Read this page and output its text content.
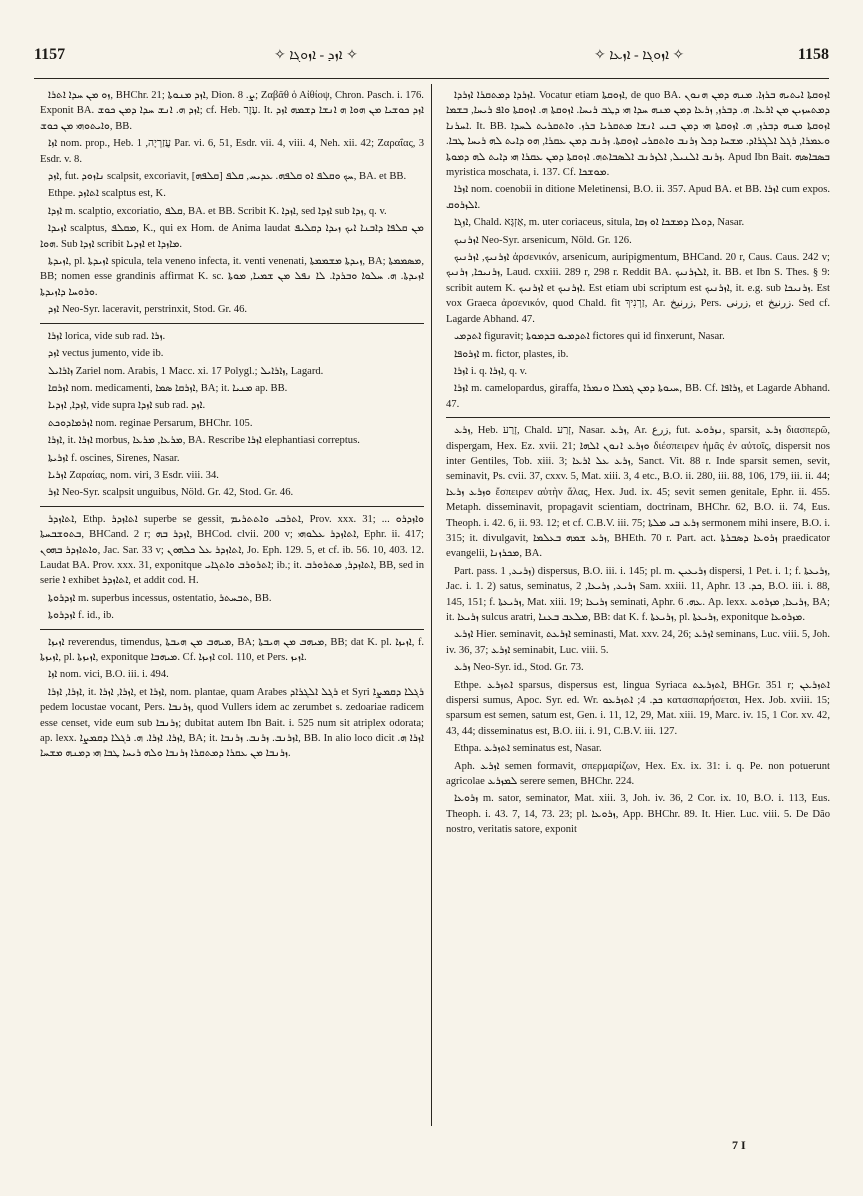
1157	✧ ܐܙܕ - ܐܙܘܓܐ ✧	✧ ܐܙܘܓܐ - ܐܙܥܐ ✧	1158

ܙܘ ܡܢ ܚܕܐ ܐܬܪܐ, BHChr. 21; ܐܙܕ ܡܢܘܬܐ, Dion. ܨ. 8; Ζαβᾶθ ὁ Αἰθίοψ, Chron. Pasch. i. 176. Exponit BA. ܐܙܕ ܗ. ܐܢܫ ܚܕܐ ܕܡܢ ܟܘܫ; cf. Heb. עֶזֶר. It. ܐܙܕ ܟܘܫܝܐ ܡܢ ܗܘܐ ܗ ܐܢܫܐ ܕܫܡܗ ܐܙܕ ܘܐܝܬܘܗܝ ܡܢ ܟܘܫ, BB.

ܐܙܐ nom. prop., Heb. עֲזַרְיָה, 1 Par. vi. 6, 51, Esdr. vii. 4, viii. 4, Neh. xii. 42; Ζαραΐας, 3 Esdr. v. 8.

ܐܙܕ, fut. ܢܐܙܘܕ scalpsit, excoriavit, ܚܟ ܘܩܠܦ ܐܘ ܩܠܦܗ. ܥܕܝܚ, ܩܠܦ [ܩܠܦܗ], BA. et BB.

Ethpe. ܐܬܐܙܕ scalptus est, K.

ܐܙܕܐ m. scalptio, excoriatio, ܩܠܦ, BA. et BB. Scribit K. ܐܙܕܐ, sed ܐܙܕܐ sub ܙܕܐ, q. v.

ܐܙܝܕܐ scalptus, ܡܩܠܦ, K., qui ex Hom. de Anima laudat ܡܢ ܩܠܦܐ ܕܐܒܢܐ ܐܝܟ ܙܝܕܐ ܕܩܠܝܦ ܗܘܐ. Sub ܐܙܕܐ scribit ܐܙܕܝܐ et ܡܐܙܕܐ.

ܐܙܝܕܬܐ, pl. ܐܙܝܕܬܐ spicula, tela veneno infecta, it. venti venenati, ܙܝܕܬܐ ܡܫܡܡܬܐ, BA; ܡܣܡܡܬܐ, BB; nomen esse grandinis affirmat K. sc. ܐܙܝܕܬܐ. ܗ. ܚܠܘܐ ܘܒܪܕܐ. ܠܐ ܢܦܠ ܡܢ ܫܡܝܐ, ܡܘܬܐ ܘܪܘܚܐ ܕܐܙܝܕܬܐ.

ܐܙܕ Neo-Syr. laceravit, perstrinxit, Stod. Gr. 46.

ܐܙܪܐ lorica, vide sub rad. ܙܪܐ.

ܐܙܕ vectus jumento, vide ib.

ܙܐܪܐܝܠ Zariel nom. Arabis, 1 Macc. xi. 17 Polygl.; ܙܐܪܐܝܠ, Lagard.

ܐܙܪܩܐ nom. medicamenti, ܐܙܪܩܐ ܣܡܐ, BA; it. ܡܢܝܐ ap. BB.

ܐܙܕܐ, ܐܙܕܝܐ, vide supra ܐܙܕܐ sub rad. ܐܙܕ.

ܐܙܪܡܐܕܘܟܬ nom. reginae Persarum, BHChr. 105.

ܐܙܪܐ, it. ܐܙܪܐ morbus, ܡܪܥܐ, ܡܪܥܐ, BA. Rescribe ܐܙܪܐ elephantiasi correptus.

ܐܙܪܝܬܐ f. oscines, Sirenes, Nasar.

ܐܙܪܝܐ Ζαραίας, nom. viri, 3 Esdr. viii. 34.

ܐܙܪ Neo-Syr. scalpsit unguibus, Nöld. Gr. 42, Stod. Gr. 46.

ܐܬܐܙܕܪ, Ethp. ܐܬܐܙܕܪ superbe se gessit, ܐܬܪܒܝ ܘܐܬܬܪܝܡ, Prov. xxx. 31; ܘܐܙܕܪܘ ... ܒܬܘܫܒܚܬܐ, BHCand. 2 r; ܐܙܕܪ ܒܗ, BHCod. clvii. 200 v; ܐܬܐܙܕܪ ܥܠܘܗܝ, Ephr. ii. 417; ܘܐܬܐܙܕܪ ܒܗܘܢ, Jac. Sar. 33 v; ܐܬܐܙܕܪ ܥܠ ܟܠܗܘܢ, Jo. Eph. 129. 5, et cf. ib. 56. 10, 403. 12. Laudat BA. Prov. xxx. 31, exponitque ܐܬܪܘܪܒ ܘܐܬܓܐܝ; ib.; it. ܐܬܐܙܕܪ, ܡܬܪܘܪܒ, BB, sed in serie ܐ exhibet ܐܬܐܙܕܪ, et addit cod. H.

ܐܙܕܪܘܬܐ m. superbus incessus, ostentatio, ܬܒܚܬܪ, BB.

ܐܙܕܪܘܬܐ f. id., ib.

ܐܙܝܙܐ reverendus, timendus, ܡܝܗܒ ܡܢ ܗܝܒܬܐ, BA; ܡܝܗܒ ܡܢ ܗܝܒܬܐ, BB; dat K. pl. ܐܙܝܙܐ, f. ܐܙܝܙܬܐ, pl. ܐܙܝܙܬܐ, exponitque ܡܝܗܒܐ. Cf. ܐܙܝܙܐ col. 110, et Pers. ܐܙܝܙ.

ܐܙܐ nom. vici, B.O. iii. i. 494.

ܐܙܪܐ, ܐܙܪܐ, it. ܐܙܪܐ, ܐܙܪܐ, et ܐܙܪܐ, nom. plantae, quam Arabes ܪܓܠ ܐܠܓܪܐܕ et Syri ܪܓܠܐ ܕܩܡܨܐ pedem locustae vocant, Pers. ܙܪܢܒܐ, quod Vullers idem ac zerumbet s. zedoariae radicem esse censet, vide eum sub ܙܪܢܒܐ; dubitat autem Ibn Bait. i. 525 num sit atriplex odorata; ap. lexx. ܐܙܪܐ. ܐܙܪܐ. ܗ. ܪܓܠܐ ܕܩܡܨܐ, BA; it. ܐܙܪܢܒ. ܙܪܢܒ. ܙܪܢܒܐ, BB. In alio loco dicit ܐܙܪܐ ܗ. ܙܪܢܒܐ ܡܢ ܥܩܪܐ ܕܡܬܩܪܐ ܙܪܢܒܐ ܘܠܗ ܪܝܚܐ ܛܒܐ ܗܝ ܕܡܢܗ ܡܫܚܐ.

ܐܙܪܕܐ ܕܡܬܩܪܐ ܐܙܪܕܐ. Vocatur etiam ܐܙܘܩܬܐ, de quo BA. ܐܙܘܩܬܐ ܐܝܬܝܗ ܒܪܙܐ. ܡܢܗ ܕܡܢ ܗܢܘܢ ܕܡܬܚܙܝܢ ܡܢ ܐܪܥܐ. ܗ. ܕܒܪܙ, ܙܪܥܐ ܕܡܢ ܡܢܗ ܚܕܐ ܗܝ ܕܛܒ ܪܝܚܐ. ܐܙܘܩܬܐ ܗ. ܐܙܘܩܬܐ ܘܐܦ ܪܝܚܐ, ܒܫܡܐ ܐܚܪܢܐ. It. BB. ܐܙܘܩܬܐ ܡܢܗ ܕܒܪܙ, ܗ. ܐܙܘܩܬܐ ܗܝ ܕܡܢ ܒܢܝ ܐܢܫܐ ܡܬܩܪܝܐ ܒܪܙ. ܘܐܬܩܪܝܬ ܠܚܕܐ ܘܥܡܪܐ, ܪܓܠ ܐܠܓܪܐܕ. ܡܫܚܐ ܕܟܠ ܙܪܢܒ ܘܐܬܩܪܝ ܐܙܘܩܬܐ. ܙܪܢܒ ܕܡܢ ܥܩܪܐ, ܗܘ ܕܐܝܬ ܠܗ ܪܝܚܐ ܛܒܐ. ܙܪܢܒ ܐܠܢܝܠ, ܐܠܙܪܢܒ ܐܠܣܒܐܬܗ. ܐܙܘܩܬܐ ܕܡܢ ܥܩܪܐ ܗܝ ܕܐܝܬ ܠܗ ܕܡܘܬܐ. Apud Ibn Bait. ܒܣܒܐܣܗ myristica moschata, i. 137. Cf. ܡܘܫܟܐ.

ܐܙܪܐ nom. coenobii in ditione Meletinensi, B.O. ii. 357. Apud BA. et BB. ܐܙܪܐ cum expos. ܐܠܙܪܘܩ.

ܐܙܓܐ, Chald. אַזְגָּא, m. uter coriaceus, situla, ܕܘܠܐ ܕܡܫܟܐ ܐܘ ܙܩܐ, Nasar.

ܐܙܪܢܝܟ Neo-Syr. arsenicum, Nöld. Gr. 126.

ܐܙܪܢܝܟ, ܐܙܪܢܝܟ ἀρσενικόν, arsenicum, auripigmentum, BHCand. 20 r, Caus. Caus. 242 v; ܙܪܢܝܟܐ, ܙܪܢܝܟ, Laud. cxxiii. 289 r, 298 r. Reddit BA. ܐܠܙܪܢܝܟ, it. BB. et Ibn S. Thes. § 9: scribit autem K. ܐܙܪܢܝܟ et ܐܙܪܢܝܟ. Est etiam ubi scriptum est ܐܙܪܢܝܟ, it. e.g. sub ܙܪܢܝܟܐ. Est vox Graeca ἀρσενικόν, quod Chald. fit זַרְנִיךְ, Ar. زرنيخ, Pers. زرنی, et زرنیخ. Sed cf. Lagarde Abhand. 47.

ܐܬܕܡܝ figuravit; ܐܬܕܡܝܘ ܒܕܡܘܬܐ fictores qui id finxerunt, Nasar.

ܐܙܪܘܦܐ m. fictor, plastes, ib.

ܐܙܪܐ i. q. ܐܙܪܐ, q. v.

ܐܙܪܐ m. camelopardus, giraffa, ܚܝܘܬܐ ܕܡܢ ܓܡܠܐ ܘܢܡܪܐ, BB. Cf. ܙܪܐܦܐ, et Lagarde Abhand. 47.

ܙܪܥ, Heb. זָרַע, Chald. זְרַע, Nasar. ܙܪܥ, Ar. زرع, fut. ܢܙܪܘܥ, sparsit, ܙܪܥ διασπερῶ, dispergam, Hex. Ez. xvii. 21; ܘܙܪܥ ܐܢܘܢ ܐܠܗܐ διέσπειρεν ἡμᾶς ἐν αὐτοῖς, dispersit nos inter Gentiles, Tob. xiii. 3; ܙܪܥ ܥܠ ܐܪܥܐ, Sanct. Vit. 88 r. Inde sparsit semen, sevit, seminavit, Ps. cvii. 37, cxxv. 5, Mat. xiii. 3, 4 etc., B.O. ii. 280, iii. 88, 106, 179, iii. ii. 44; ܘܙܪܥ ܙܪܥܐ ἔσπειρεν αὐτὴν ἅλας, Hex. Jud. ix. 45; sevit semen genitale, Ephr. ii. 455. Metaph. disseminavit, propagavit scientiam, doctrinam, BHChr. 62, B.O. ii. 74, Eus. Theoph. i. 42. 6, ii. 93. 12; et cf. C.B.V. iii. 75; ܙܪܥ ܒܝ ܡܠܬܐ sermonem mihi insere, B.O. i. 315; it. divulgavit, ܙܪܥ ܫܡܗ ܒܥܠܡܐ, BHEth. 70 r. Part. act. ܙܪܘܥܐ ܕܣܒܪܬܐ praedicator evangelii, ܡܟܪܙܢܐ, BA.

Part. pass. ܙܪܝܥ, 1) dispersus, B.O. iii. i. 145; pl. m. ܙܪܝܥܝܢ dispersi, 1 Pet. i. 1; f. ܙܪܝܥܬܐ, Jac. i. 1. 2) satus, seminatus, ܙܪܝܥ, ܙܪܝܥܐ, 2 Sam. xxiii. 11, Aphr. ܟܕ. 13, B.O. iii. i. 88, 145, 151; f. ܙܪܝܥܬܐ, Mat. xiii. 19; ܙܪܝܥܐ seminati, Aphr. ܥܗ. 6. Ap. lexx. ܙܪܝܥܐ, ܡܙܪܘܥ, BA; it. ܙܪܝܥܐ sulcus aratri, ܡܠܥܒ ܒܥܢܐ, BB: dat K. f. ܙܪܝܥܬܐ, pl. ܙܪܝܥܬܐ, exponitque ܡܙܪܘܥܐ.

ܐܙܪܥ Hier. seminavit, ܐܙܪܥܬ seminasti, Mat. xxv. 24, 26; ܐܙܪܥ seminans, Luc. viii. 5, Joh. iv. 36, 37; ܐܙܪܥ seminabit, Luc. viii. 5.

ܙܪܥ Neo-Syr. id., Stod. Gr. 73.

Ethpe. ܐܬܙܪܥ sparsus, dispersus est, lingua Syriaca ܐܬܙܪܥܬ, BHGr. 351 r; ܐܬܙܪܥܢ dispersi sumus, Apoc. Syr. ed. Wr. ܟܕ. 4; ܐܬܙܪܥܘ κατασπαρήσεται, Hex. Job. xviii. 15; sparsum est semen, satum est, Gen. i. 11, 12, 29, Mat. xiii. 19, Marc. iv. 15, 1 Cor. xv. 42, 43, 44; disseminatus est, B.O. iii. i. 91, C.B.V. iii. 127.

Ethpa. ܐܬܙܪܥ seminatus est, Nasar.

Aph. ܐܙܪܥ semen formavit, σπερμαρίζων, Hex. Ex. ix. 31: i. q. Pe. non potuerunt agricolae ܠܡܙܪܥ serere semen, BHChr. 224.

ܙܪܘܥܐ m. sator, seminator, Mat. xiii. 3, Joh. iv. 36, 2 Cor. ix. 10, B.O. i. 113, Eus. Theoph. i. 43. 7, 14, 73. 23; pl. ܙܪܘܥܐ, App. BHChr. 89. It. Hier. Luc. viii. 5. De Dão nostro, veritatis satore, exponit

7 I
